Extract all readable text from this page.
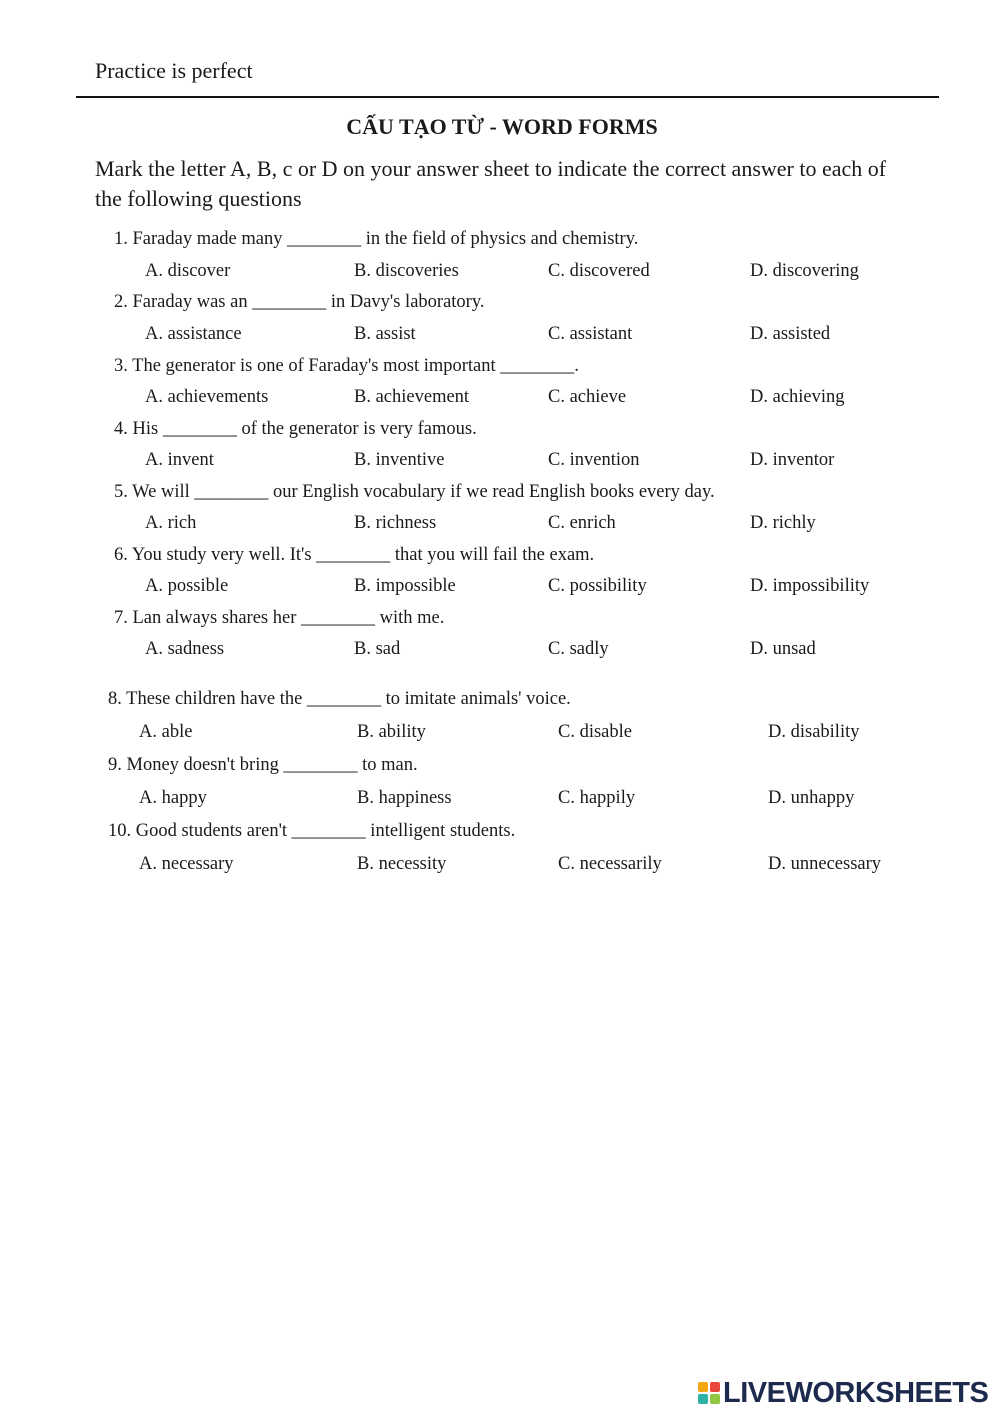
Practice is perfect
CẤU TẠO TỪ - WORD FORMS
Mark the letter A, B, c or D on your answer sheet to indicate the correct answer to each of the following questions
1. Faraday made many ________ in the field of physics and chemistry.
A. discover	B. discoveries	C. discovered	D. discovering
2. Faraday was an ________ in Davy's laboratory.
A. assistance	B. assist	C. assistant	D. assisted
3. The generator is one of Faraday's most important ________.
A. achievements	B. achievement	C. achieve	D. achieving
4. His ________ of the generator is very famous.
A. invent	B. inventive	C. invention	D. inventor
5. We will ________ our English vocabulary if we read English books every day.
A. rich	B. richness	C. enrich	D. richly
6. You study very well. It's ________ that you will fail the exam.
A. possible	B. impossible	C. possibility	D. impossibility
7. Lan always shares her ________ with me.
A. sadness	B. sad	C. sadly	D. unsad
8. These children have the ________ to imitate animals' voice.
A. able	B. ability	C. disable	D. disability
9. Money doesn't bring ________ to man.
A. happy	B. happiness	C. happily	D. unhappy
10. Good students aren't ________ intelligent students.
A. necessary	B. necessity	C. necessarily	D. unnecessary
LIVEWORKSHEETS
